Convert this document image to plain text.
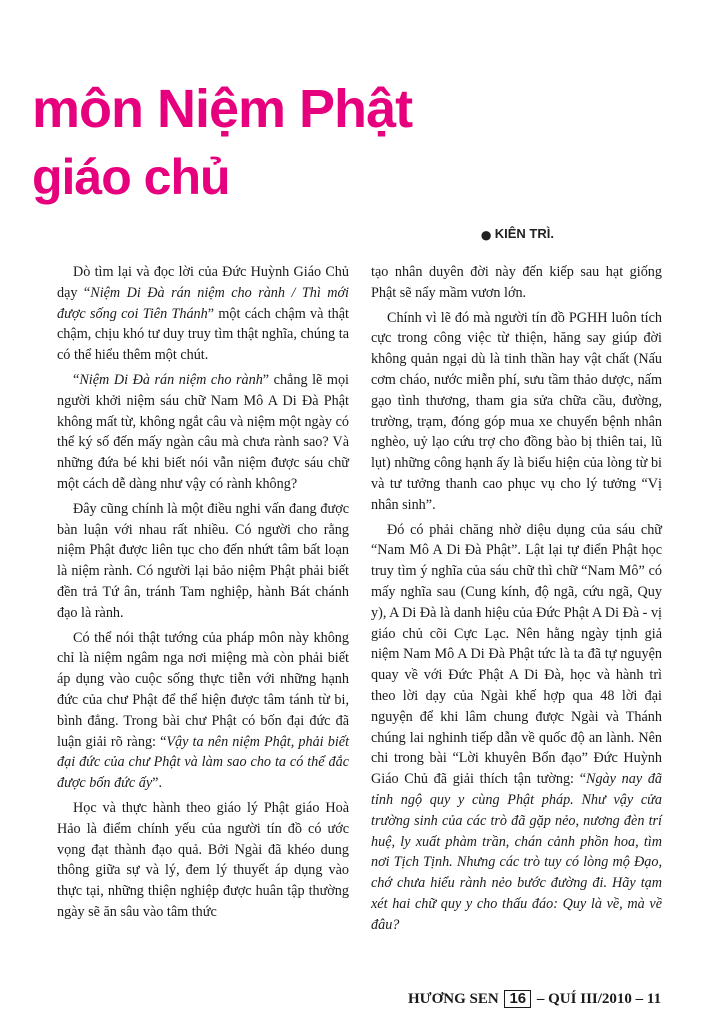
môn Niệm Phật
giáo chủ
● KIÊN TRÌ.

Dò tìm lại và đọc lời của Đức Huỳnh Giáo Chủ dạy “Niệm Di Đà rán niệm cho rành / Thì mới được sống coi Tiên Thánh” một cách chậm và thật chậm, chịu khó tư duy truy tìm thật nghĩa, chúng ta có thể hiểu thêm một chút.

“Niệm Di Đà rán niệm cho rành” chẳng lẽ mọi người khởi niệm sáu chữ Nam Mô A Di Đà Phật không mất từ, không ngắt câu và niệm một ngày có thể ký số đến mấy ngàn câu mà chưa rành sao? Và những đứa bé khi biết nói vẫn niệm được sáu chữ một cách dễ dàng như vậy có rành không?

Đây cũng chính là một điều nghi vấn đang được bàn luận với nhau rất nhiều. Có người cho rằng niệm Phật được liên tục cho đến nhứt tâm bất loạn là niệm rành. Có người lại bảo niệm Phật phải biết đền trả Tứ ân, tránh Tam nghiệp, hành Bát chánh đạo là rành.

Có thể nói thật tướng của pháp môn này không chỉ là niệm ngâm nga nơi miệng mà còn phải biết áp dụng vào cuộc sống thực tiễn với những hạnh đức của chư Phật để thể hiện được tâm tánh từ bi, bình đẳng. Trong bài chư Phật có bốn đại đức đã luận giải rõ ràng: “Vậy ta nên niệm Phật, phải biết đại đức của chư Phật và làm sao cho ta có thể đắc được bốn đức ấy”.

Học và thực hành theo giáo lý Phật giáo Hoà Hảo là điểm chính yếu của người tín đồ có ước vọng đạt thành đạo quả. Bởi Ngài đã khéo dung thông giữa sự và lý, đem lý thuyết áp dụng vào thực tại, những thiện nghiệp được huân tập thường ngày sẽ ăn sâu vào tâm thức

tạo nhân duyên đời này đến kiếp sau hạt giống Phật sẽ nẩy mầm vươn lớn.

Chính vì lẽ đó mà người tín đồ PGHH luôn tích cực trong công việc từ thiện, hăng say giúp đời không quản ngại dù là tinh thần hay vật chất (Nấu cơm cháo, nước miễn phí, sưu tầm thảo dược, nấm gạo tình thương, tham gia sửa chữa cầu, đường, trường, trạm, đóng góp mua xe chuyển bệnh nhân nghèo, uỷ lạo cứu trợ cho đồng bào bị thiên tai, lũ lụt) những công hạnh ấy là biểu hiện của lòng từ bi và tư tưởng thanh cao phục vụ cho lý tưởng “Vị nhân sinh”.

Đó có phải chăng nhờ diệu dụng của sáu chữ “Nam Mô A Di Đà Phật”. Lật lại tự điển Phật học truy tìm ý nghĩa của sáu chữ thì chữ “Nam Mô” có mấy nghĩa sau (Cung kính, độ ngã, cứu ngã, Quy y), A Di Đà là danh hiệu của Đức Phật A Di Đà - vị giáo chủ cõi Cực Lạc. Nên hằng ngày tịnh giả niệm Nam Mô A Di Đà Phật tức là ta đã tự nguyện quay về với Đức Phật A Di Đà, học và hành trì theo lời dạy của Ngài khế hợp qua 48 lời đại nguyện để khi lâm chung được Ngài và Thánh chúng lai nghinh tiếp dẫn về quốc độ an lành. Nên chi trong bài “Lời khuyên Bổn đạo” Đức Huỳnh Giáo Chủ đã giải thích tận tường: “Ngày nay đã tỉnh ngộ quy y cùng Phật pháp. Như vậy cửa trường sinh của các trò đã gặp nẻo, nương đèn trí huệ, ly xuất phàm trần, chán cảnh phồn hoa, tìm nơi Tịch Tịnh. Nhưng các trò tuy có lòng mộ Đạo, chớ chưa hiểu rành nẻo bước đường đi. Hãy tạm xét hai chữ quy y cho thấu đáo: Quy là về, mà về đâu?

HƯƠNG SEN 16 – QUÍ III/2010 – 11
